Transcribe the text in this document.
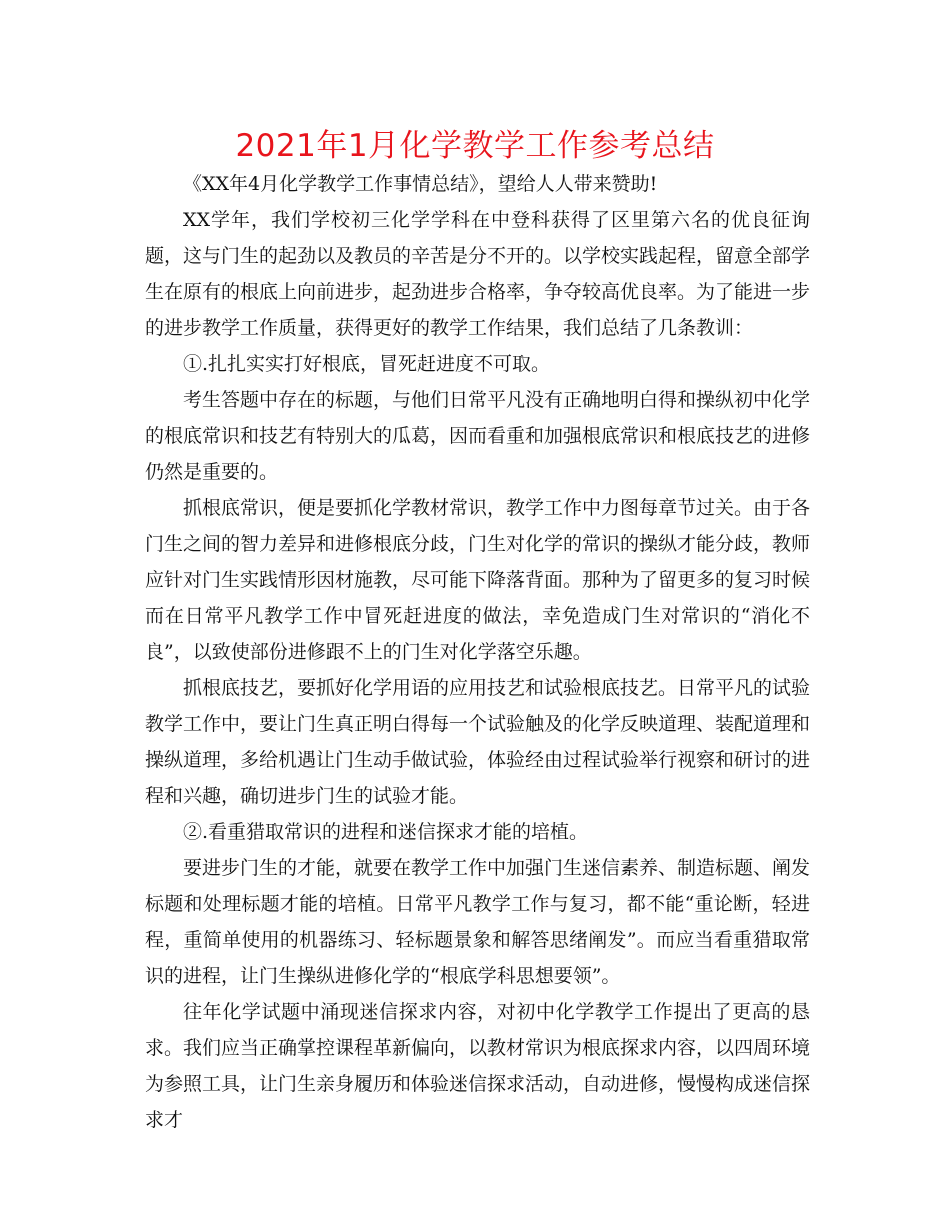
2021年1月化学教学工作参考总结

《XX年4月化学教学工作事情总结》，望给人人带来赞助!

XX学年，我们学校初三化学学科在中登科获得了区里第六名的优良征询题，这与门生的起劲以及教员的辛苦是分不开的。以学校实践起程，留意全部学生在原有的根底上向前进步，起劲进步合格率，争夺较高优良率。为了能进一步的进步教学工作质量，获得更好的教学工作结果，我们总结了几条教训：

①.扎扎实实打好根底，冒死赶进度不可取。

考生答题中存在的标题，与他们日常平凡没有正确地明白得和操纵初中化学的根底常识和技艺有特别大的瓜葛，因而看重和加强根底常识和根底技艺的进修仍然是重要的。

抓根底常识，便是要抓化学教材常识，教学工作中力图每章节过关。由于各门生之间的智力差异和进修根底分歧，门生对化学的常识的操纵才能分歧，教师应针对门生实践情形因材施教，尽可能下降落背面。那种为了留更多的复习时候而在日常平凡教学工作中冒死赶进度的做法，幸免造成门生对常识的“消化不良”，以致使部份进修跟不上的门生对化学落空乐趣。

抓根底技艺，要抓好化学用语的应用技艺和试验根底技艺。日常平凡的试验教学工作中，要让门生真正明白得每一个试验触及的化学反映道理、装配道理和操纵道理，多给机遇让门生动手做试验，体验经由过程试验举行视察和研讨的进程和兴趣，确切进步门生的试验才能。

②.看重猎取常识的进程和迷信探求才能的培植。

要进步门生的才能，就要在教学工作中加强门生迷信素养、制造标题、阐发标题和处理标题才能的培植。日常平凡教学工作与复习，都不能“重论断，轻进程，重简单使用的机器练习、轻标题景象和解答思绪阐发”。而应当看重猎取常识的进程，让门生操纵进修化学的“根底学科思想要领”。

往年化学试题中涌现迷信探求内容，对初中化学教学工作提出了更高的恳求。我们应当正确掌控课程革新偏向，以教材常识为根底探求内容，以四周环境为参照工具，让门生亲身履历和体验迷信探求活动，自动进修，慢慢构成迷信探求才
